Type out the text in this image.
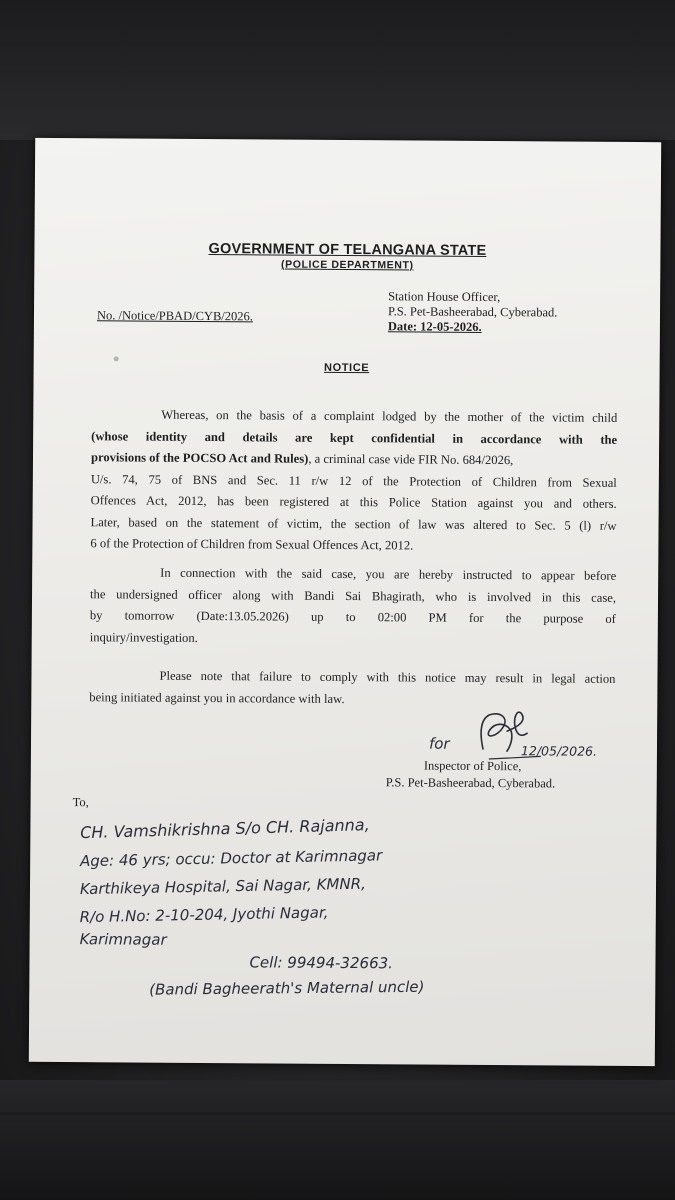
GOVERNMENT OF TELANGANA STATE
(POLICE DEPARTMENT)
Station House Officer,
P.S. Pet-Basheerabad, Cyberabad.
Date: 12-05-2026.
No. /Notice/PBAD/CYB/2026.
NOTICE
Whereas, on the basis of a complaint lodged by the mother of the victim child
(whose identity and details are kept confidential in accordance with the
provisions of the POCSO Act and Rules), a criminal case vide FIR No. 684/2026,
U/s. 74, 75 of BNS and Sec. 11 r/w 12 of the Protection of Children from Sexual
Offences Act, 2012, has been registered at this Police Station against you and others.
Later, based on the statement of victim, the section of law was altered to Sec. 5 (l) r/w
6 of the Protection of Children from Sexual Offences Act, 2012.
In connection with the said case, you are hereby instructed to appear before
the undersigned officer along with Bandi Sai Bhagirath, who is involved in this case,
by tomorrow (Date:13.05.2026) up to 02:00 PM for the purpose of
inquiry/investigation.
Please note that failure to comply with this notice may result in legal action
being initiated against you in accordance with law.
for	12/05/2026.
Inspector of Police,
P.S. Pet-Basheerabad, Cyberabad.
To,
CH. Vamshikrishna S/o CH. Rajanna,
Age: 46 yrs; occu: Doctor at Karimnagar
Karthikeya Hospital, Sai Nagar, KMNR,
R/o H.No: 2-10-204, Jyothi Nagar,
Karimnagar
Cell: 99494-32663.
(Bandi Bagheerath's Maternal uncle)
